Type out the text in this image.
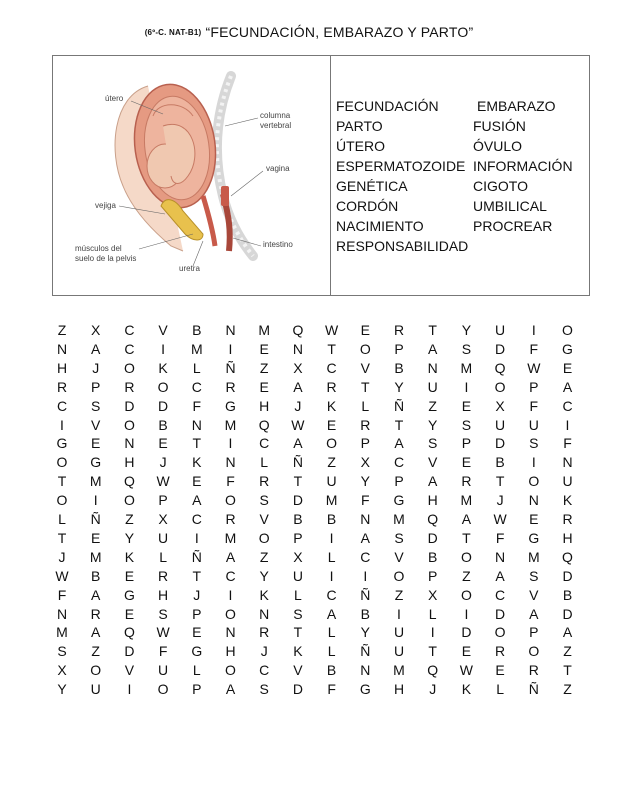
(6º-C. NAT-B1) “FECUNDACIÓN, EMBARAZO Y PARTO”
útero
columna vertebral
vagina
vejiga
músculos del suelo de la pelvis
uretra
intestino
FECUNDACIÓN
PARTO
ÚTERO
ESPERMATOZOIDE
GENÉTICA
CORDÓN
NACIMIENTO
RESPONSABILIDAD
EMBARAZO
FUSIÓN
ÓVULO
INFORMACIÓN
CIGOTO
UMBILICAL
PROCREAR
Z	X	C	V	B	N	M	Q	W	E	R	T	Y	U	I	O
N	A	C	I	M	I	E	N	T	O	P	A	S	D	F	G
H	J	O	K	L	Ñ	Z	X	C	V	B	N	M	Q	W	E
R	P	R	O	C	R	E	A	R	T	Y	U	I	O	P	A
C	S	D	D	F	G	H	J	K	L	Ñ	Z	E	X	F	C
I	V	O	B	N	M	Q	W	E	R	T	Y	S	U	U	I
G	E	N	E	T	I	C	A	O	P	A	S	P	D	S	F
O	G	H	J	K	N	L	Ñ	Z	X	C	V	E	B	I	N
T	M	Q	W	E	F	R	T	U	Y	P	A	R	T	O	U
O	I	O	P	A	O	S	D	M	F	G	H	M	J	N	K
L	Ñ	Z	X	C	R	V	B	B	N	M	Q	A	W	E	R
T	E	Y	U	I	M	O	P	I	A	S	D	T	F	G	H
J	M	K	L	Ñ	A	Z	X	L	C	V	B	O	N	M	Q
W	B	E	R	T	C	Y	U	I	I	O	P	Z	A	S	D
F	A	G	H	J	I	K	L	C	Ñ	Z	X	O	C	V	B
N	R	E	S	P	O	N	S	A	B	I	L	I	D	A	D
M	A	Q	W	E	N	R	T	L	Y	U	I	D	O	P	A
S	Z	D	F	G	H	J	K	L	Ñ	U	T	E	R	O	Z
X	O	V	U	L	O	C	V	B	N	M	Q	W	E	R	T
Y	U	I	O	P	A	S	D	F	G	H	J	K	L	Ñ	Z
